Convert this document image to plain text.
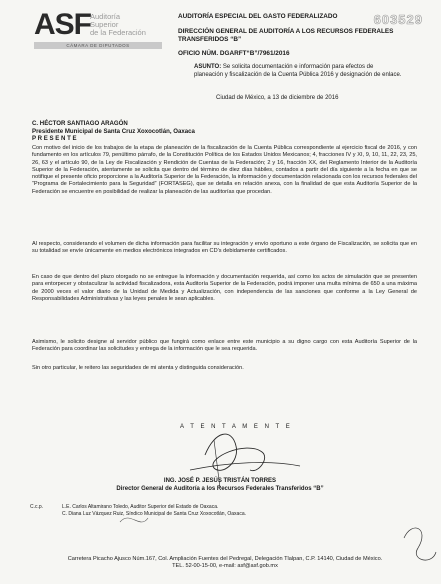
ASF Auditoría
Superior
de la Federación
CÁMARA DE DIPUTADOS
603529
AUDITORÍA ESPECIAL DEL GASTO FEDERALIZADO
DIRECCIÓN GENERAL DE AUDITORÍA A LOS RECURSOS FEDERALES TRANSFERIDOS “B”
OFICIO NÚM. DGARFT“B”/7961/2016
ASUNTO: Se solicita documentación e información para efectos de planeación y fiscalización de la Cuenta Pública 2016 y designación de enlace.
Ciudad de México, a 13 de diciembre de 2016
C. HÉCTOR SANTIAGO ARAGÓN
Presidente Municipal de Santa Cruz Xoxocotlán, Oaxaca
P R E S E N T E
Con motivo del inicio de los trabajos de la etapa de planeación de la fiscalización de la Cuenta Pública correspondiente al ejercicio fiscal de 2016, y con fundamento en los artículos 79, penúltimo párrafo, de la Constitución Política de los Estados Unidos Mexicanos; 4, fracciones IV y XI, 9, 10, 11, 22, 23, 25, 26, 63 y el artículo 90, de la Ley de Fiscalización y Rendición de Cuentas de la Federación; 2 y 16, fracción XX, del Reglamento Interior de la Auditoría Superior de la Federación, atentamente se solicita que dentro del término de diez días hábiles, contados a partir del día siguiente a la fecha en que se notifique el presente oficio proporcione a la Auditoría Superior de la Federación, la información y documentación relacionada con los recursos federales del “Programa de Fortalecimiento para la Seguridad” (FORTASEG), que se detalla en relación anexa, con la finalidad de que esta Auditoría Superior de la Federación se encuentre en posibilidad de realizar la planeación de las auditorías que procedan.
Al respecto, considerando el volumen de dicha información para facilitar su integración y envío oportuno a este órgano de Fiscalización, se solicita que en su totalidad se envíe únicamente en medios electrónicos integrados en CD’s debidamente certificados.
En caso de que dentro del plazo otorgado no se entregue la información y documentación requerida, así como los actos de simulación que se presenten para entorpecer y obstaculizar la actividad fiscalizadora, esta Auditoría Superior de la Federación, podrá imponer una multa mínima de 650 a una máxima de 2000 veces el valor diario de la Unidad de Medida y Actualización, con independencia de las sanciones que conforme a la Ley General de Responsabilidades Administrativas y las leyes penales le sean aplicables.
Asimismo, le solicito designe al servidor público que fungirá como enlace entre este municipio a su digno cargo con esta Auditoría Superior de la Federación para coordinar las solicitudes y entrega de la información que le sea requerida.
Sin otro particular, le reitero las seguridades de mi atenta y distinguida consideración.
A T E N T A M E N T E
ING. JOSÉ P. JESÚS TRISTÁN TORRES
Director General de Auditoría a los Recursos Federales Transferidos “B”
C.c.p.	L.E. Carlos Altamirano Toledo, Auditor Superior del Estado de Oaxaca.
C. Diana Luz Vázquez Ruiz, Síndico Municipal de Santa Cruz Xoxocotlán, Oaxaca.
Carretera Picacho Ajusco Núm.167, Col. Ampliación Fuentes del Pedregal, Delegación Tlalpan, C.P. 14140, Ciudad de México.
TEL. 52-00-15-00, e-mail: asf@asf.gob.mx
